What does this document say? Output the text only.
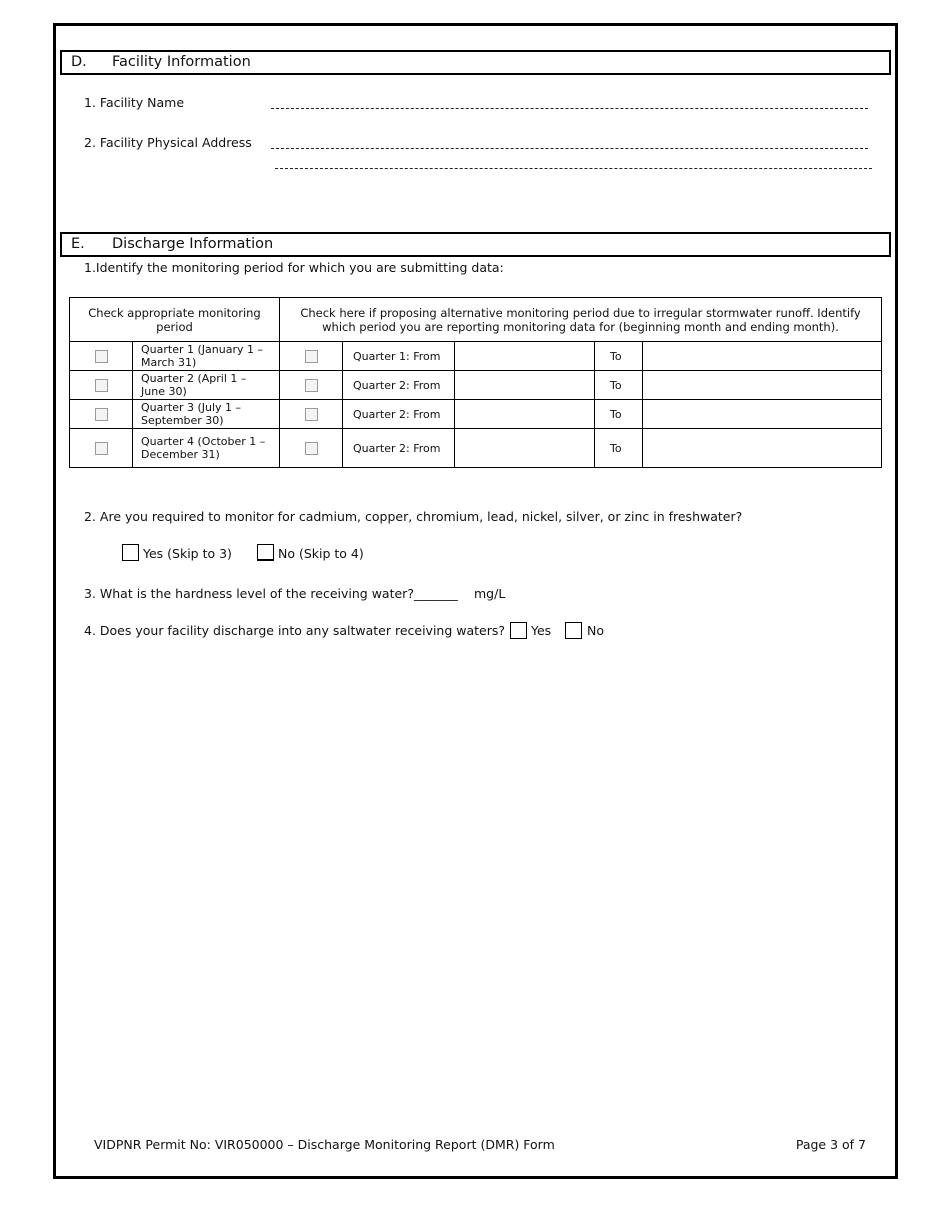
D. Facility Information
1. Facility Name
2. Facility Physical Address
E. Discharge Information
1.Identify the monitoring period for which you are submitting data:
Check appropriate monitoring period		Check here if proposing alternative monitoring period due to irregular stormwater runoff. Identify which period you are reporting monitoring data for (beginning month and ending month).				

	Quarter 1 (January 1 – March 31)		Quarter 1: From		To	

	Quarter 2 (April 1 – June 30)		Quarter 2: From		To	

	Quarter 3 (July 1 – September 30)		Quarter 2: From		To	

	Quarter 4 (October 1 – December 31)		Quarter 2: From		To	
2. Are you required to monitor for cadmium, copper, chromium, lead, nickel, silver, or zinc in freshwater?
Yes (Skip to 3)	No (Skip to 4)
3. What is the hardness level of the receiving water? _______ mg/L
4. Does your facility discharge into any saltwater receiving waters? Yes	No
VIDPNR Permit No: VIR050000 – Discharge Monitoring Report (DMR) Form	Page 3 of 7
